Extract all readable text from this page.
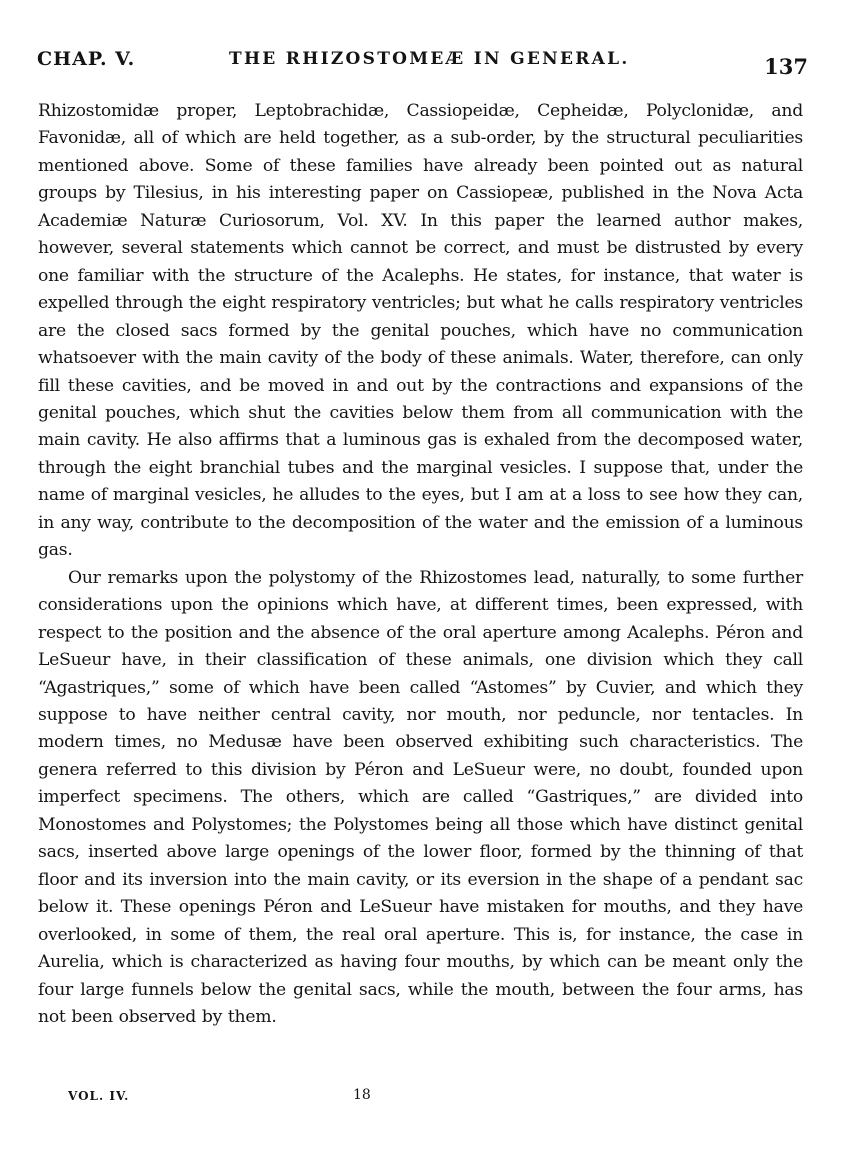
CHAP. V.	THE RHIZOSTOMEÆ IN GENERAL.	137

Rhizostomidæ proper, Leptobrachidæ, Cassiopeidæ, Cepheidæ, Polyclonidæ, and Favonidæ, all of which are held together, as a sub-order, by the structural peculiarities mentioned above. Some of these families have already been pointed out as natural groups by Tilesius, in his interesting paper on Cassiopeæ, published in the Nova Acta Academiæ Naturæ Curiosorum, Vol. XV. In this paper the learned author makes, however, several statements which cannot be correct, and must be distrusted by every one familiar with the structure of the Acalephs. He states, for instance, that water is expelled through the eight respiratory ventricles; but what he calls respiratory ventricles are the closed sacs formed by the genital pouches, which have no communication whatsoever with the main cavity of the body of these animals. Water, therefore, can only fill these cavities, and be moved in and out by the contractions and expansions of the genital pouches, which shut the cavities below them from all communication with the main cavity. He also affirms that a luminous gas is exhaled from the decomposed water, through the eight branchial tubes and the marginal vesicles. I suppose that, under the name of marginal vesicles, he alludes to the eyes, but I am at a loss to see how they can, in any way, contribute to the decomposition of the water and the emission of a luminous gas.

Our remarks upon the polystomy of the Rhizostomes lead, naturally, to some further considerations upon the opinions which have, at different times, been expressed, with respect to the position and the absence of the oral aperture among Acalephs. Péron and LeSueur have, in their classification of these animals, one division which they call “Agastriques,” some of which have been called “Astomes” by Cuvier, and which they suppose to have neither central cavity, nor mouth, nor peduncle, nor tentacles. In modern times, no Medusæ have been observed exhibiting such characteristics. The genera referred to this division by Péron and LeSueur were, no doubt, founded upon imperfect specimens. The others, which are called “Gastriques,” are divided into Monostomes and Polystomes; the Polystomes being all those which have distinct genital sacs, inserted above large openings of the lower floor, formed by the thinning of that floor and its inversion into the main cavity, or its eversion in the shape of a pendant sac below it. These openings Péron and LeSueur have mistaken for mouths, and they have overlooked, in some of them, the real oral aperture. This is, for instance, the case in Aurelia, which is characterized as having four mouths, by which can be meant only the four large funnels below the genital sacs, while the mouth, between the four arms, has not been observed by them.

VOL. IV.	18
